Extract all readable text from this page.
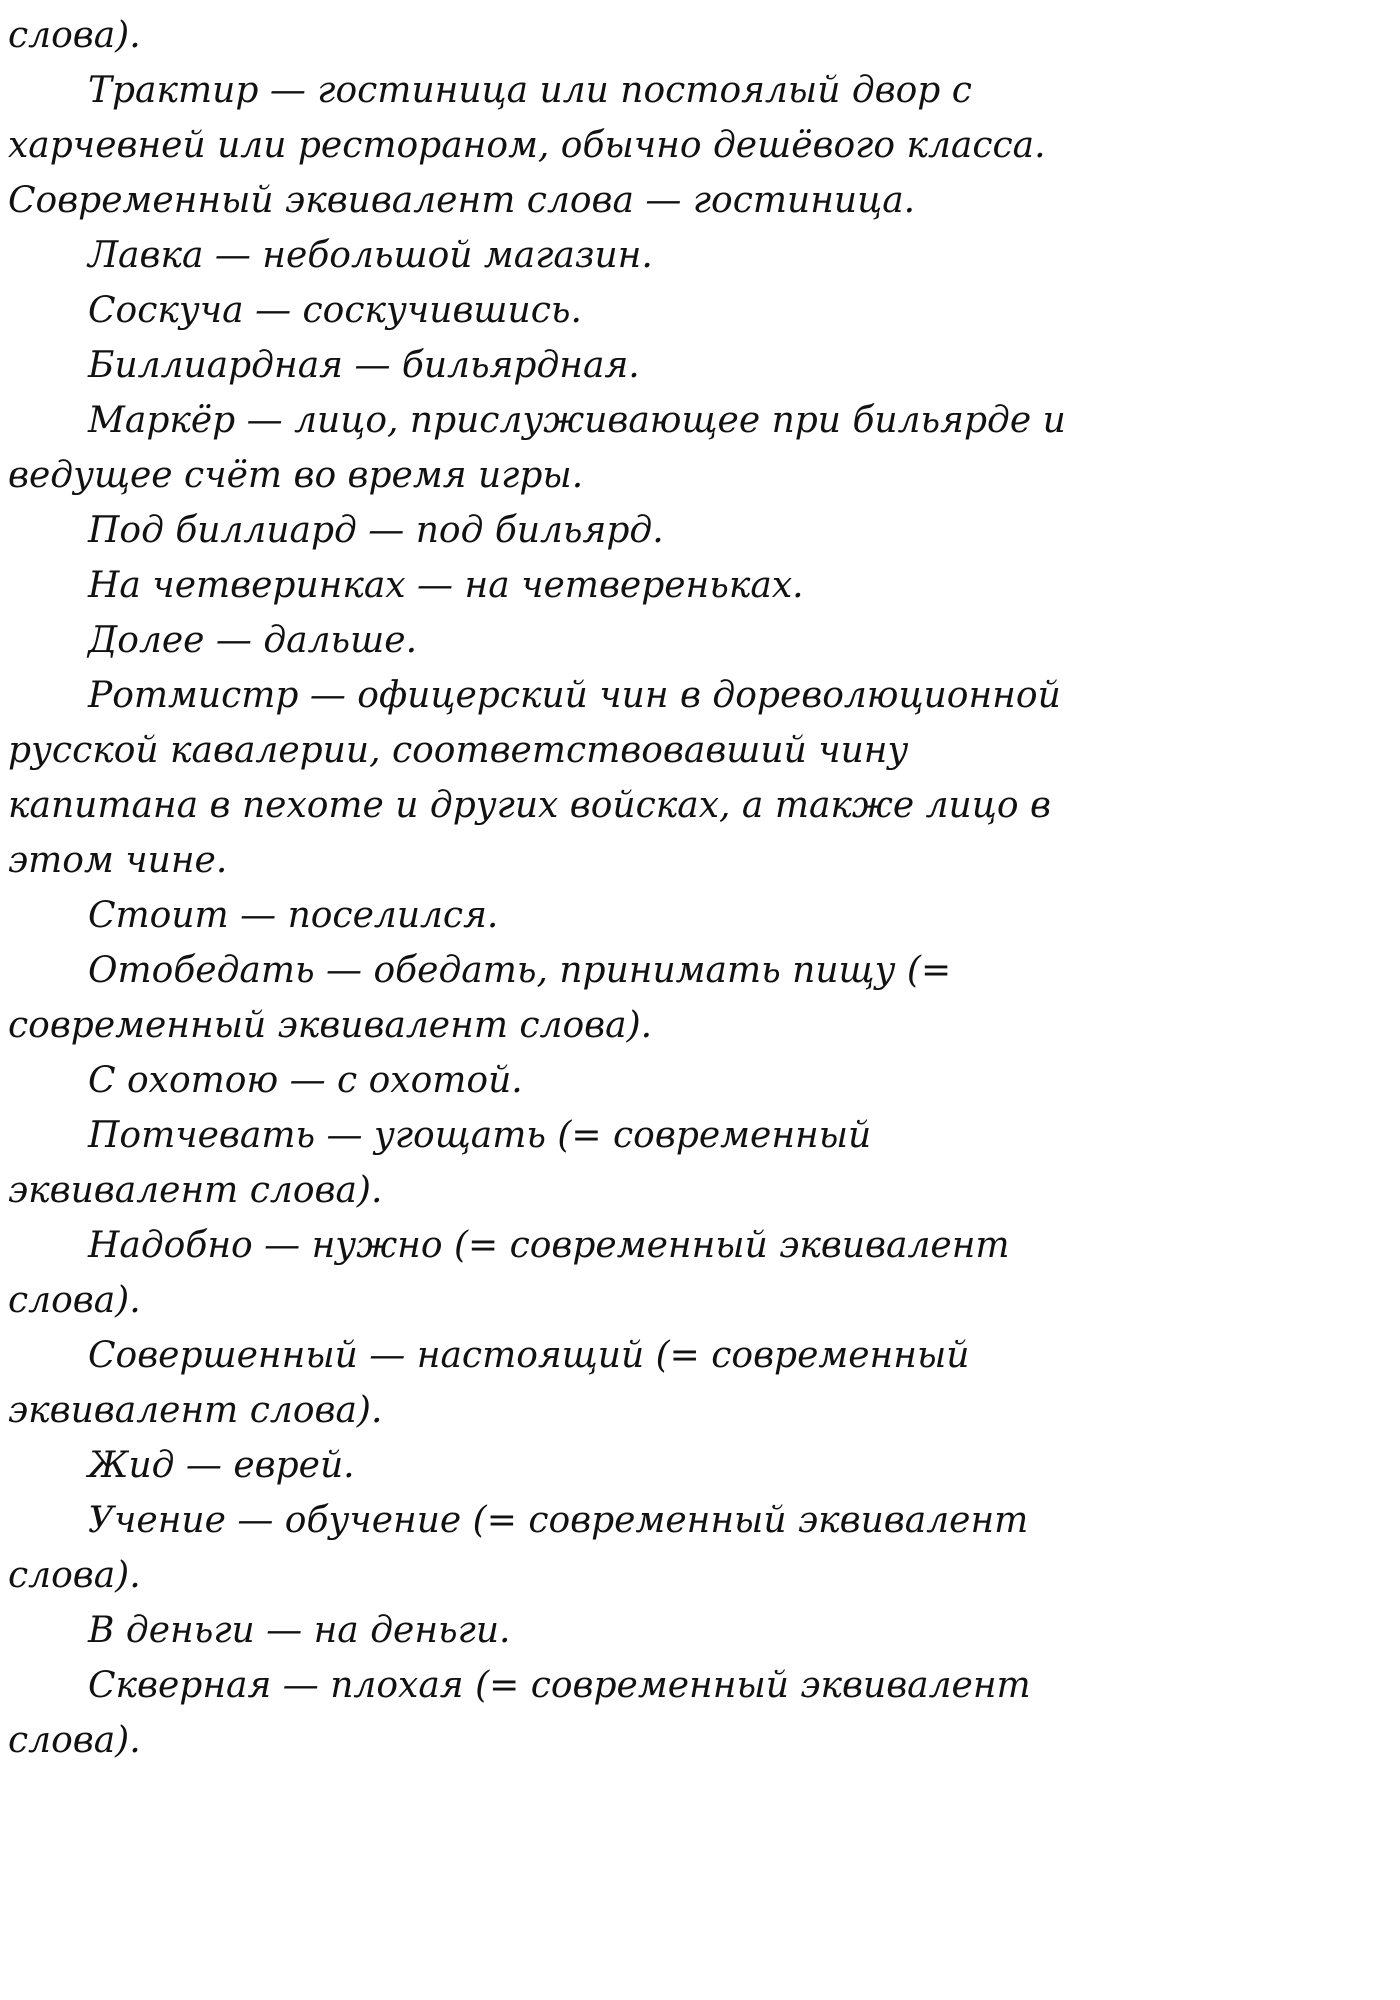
слова).

Трактир — гостиница или постоялый двор с харчевней или рестораном, обычно дешёвого класса. Современный эквивалент слова — гостиница.

Лавка — небольшой магазин.

Соскуча — соскучившись.

Биллиардная — бильярдная.

Маркёр — лицо, прислуживающее при бильярде и ведущее счёт во время игры.

Под биллиард — под бильярд.

На четверинках — на четвереньках.

Долее — дальше.

Ротмистр — офицерский чин в дореволюционной русской кавалерии, соответствовавший чину капитана в пехоте и других войсках, а также лицо в этом чине.

Стоит — поселился.

Отобедать — обедать, принимать пищу (= современный эквивалент слова).

С охотою — с охотой.

Потчевать — угощать (= современный эквивалент слова).

Надобно — нужно (= современный эквивалент слова).

Совершенный — настоящий (= современный эквивалент слова).

Жид — еврей.

Учение — обучение (= современный эквивалент слова).

В деньги — на деньги.

Скверная — плохая (= современный эквивалент слова).
